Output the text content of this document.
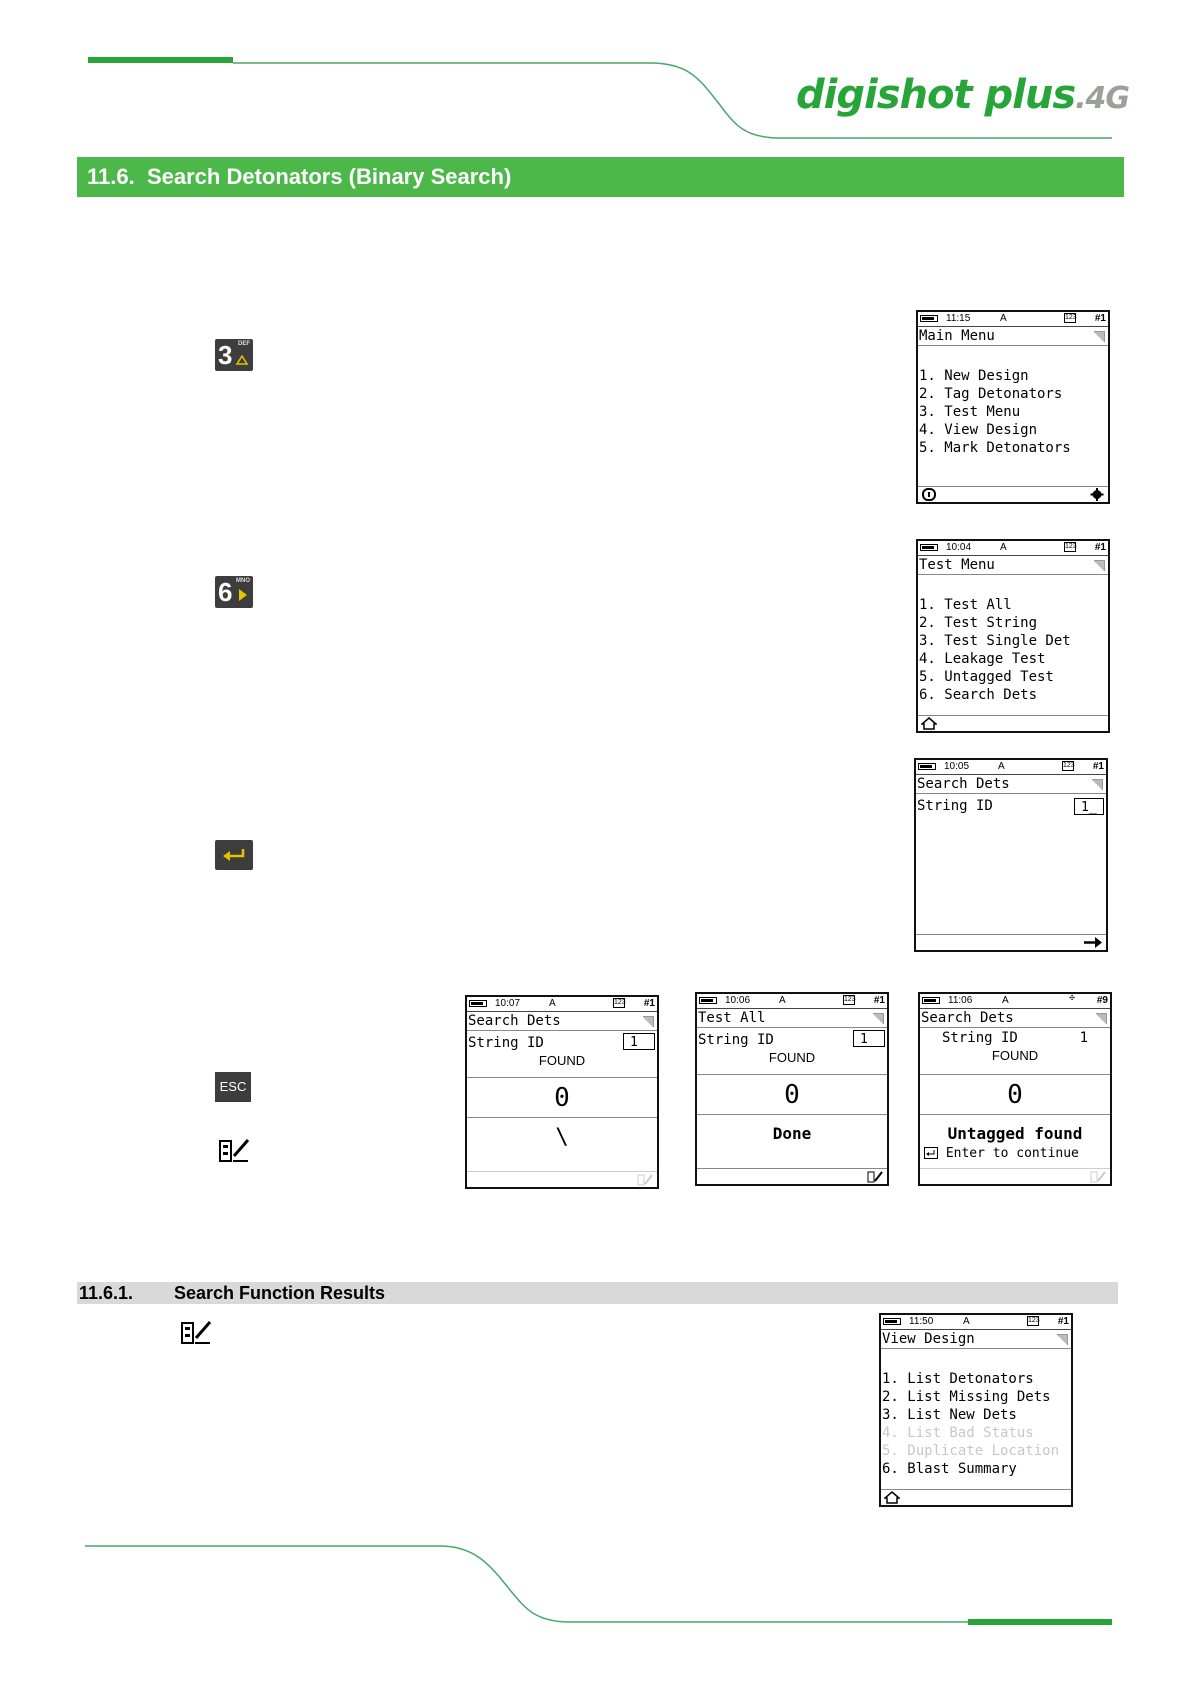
digishot plus.4G
11.6. Search Detonators (Binary Search)
3 DEF
6 MNO
ESC
11:15	A	123 #1
Main Menu
1. New Design
2. Tag Detonators
3. Test Menu
4. View Design
5. Mark Detonators
10:04	A	123 #1
Test Menu
1. Test All
2. Test String
3. Test Single Det
4. Leakage Test
5. Untagged Test
6. Search Dets
10:05	A	123 #1
Search Dets
String ID	1_
10:07	A	123 #1
Search Dets
String ID	1
FOUND
0
\
10:06	A	123 #1
Test All
String ID	1
FOUND
0
Done
11:06	A	✣	#9
Search Dets
String ID	1
FOUND
0
Untagged found
Enter to continue
11.6.1. Search Function Results
11:50	A	123 #1
View Design
1. List Detonators
2. List Missing Dets
3. List New Dets
4. List Bad Status
5. Duplicate Location
6. Blast Summary
